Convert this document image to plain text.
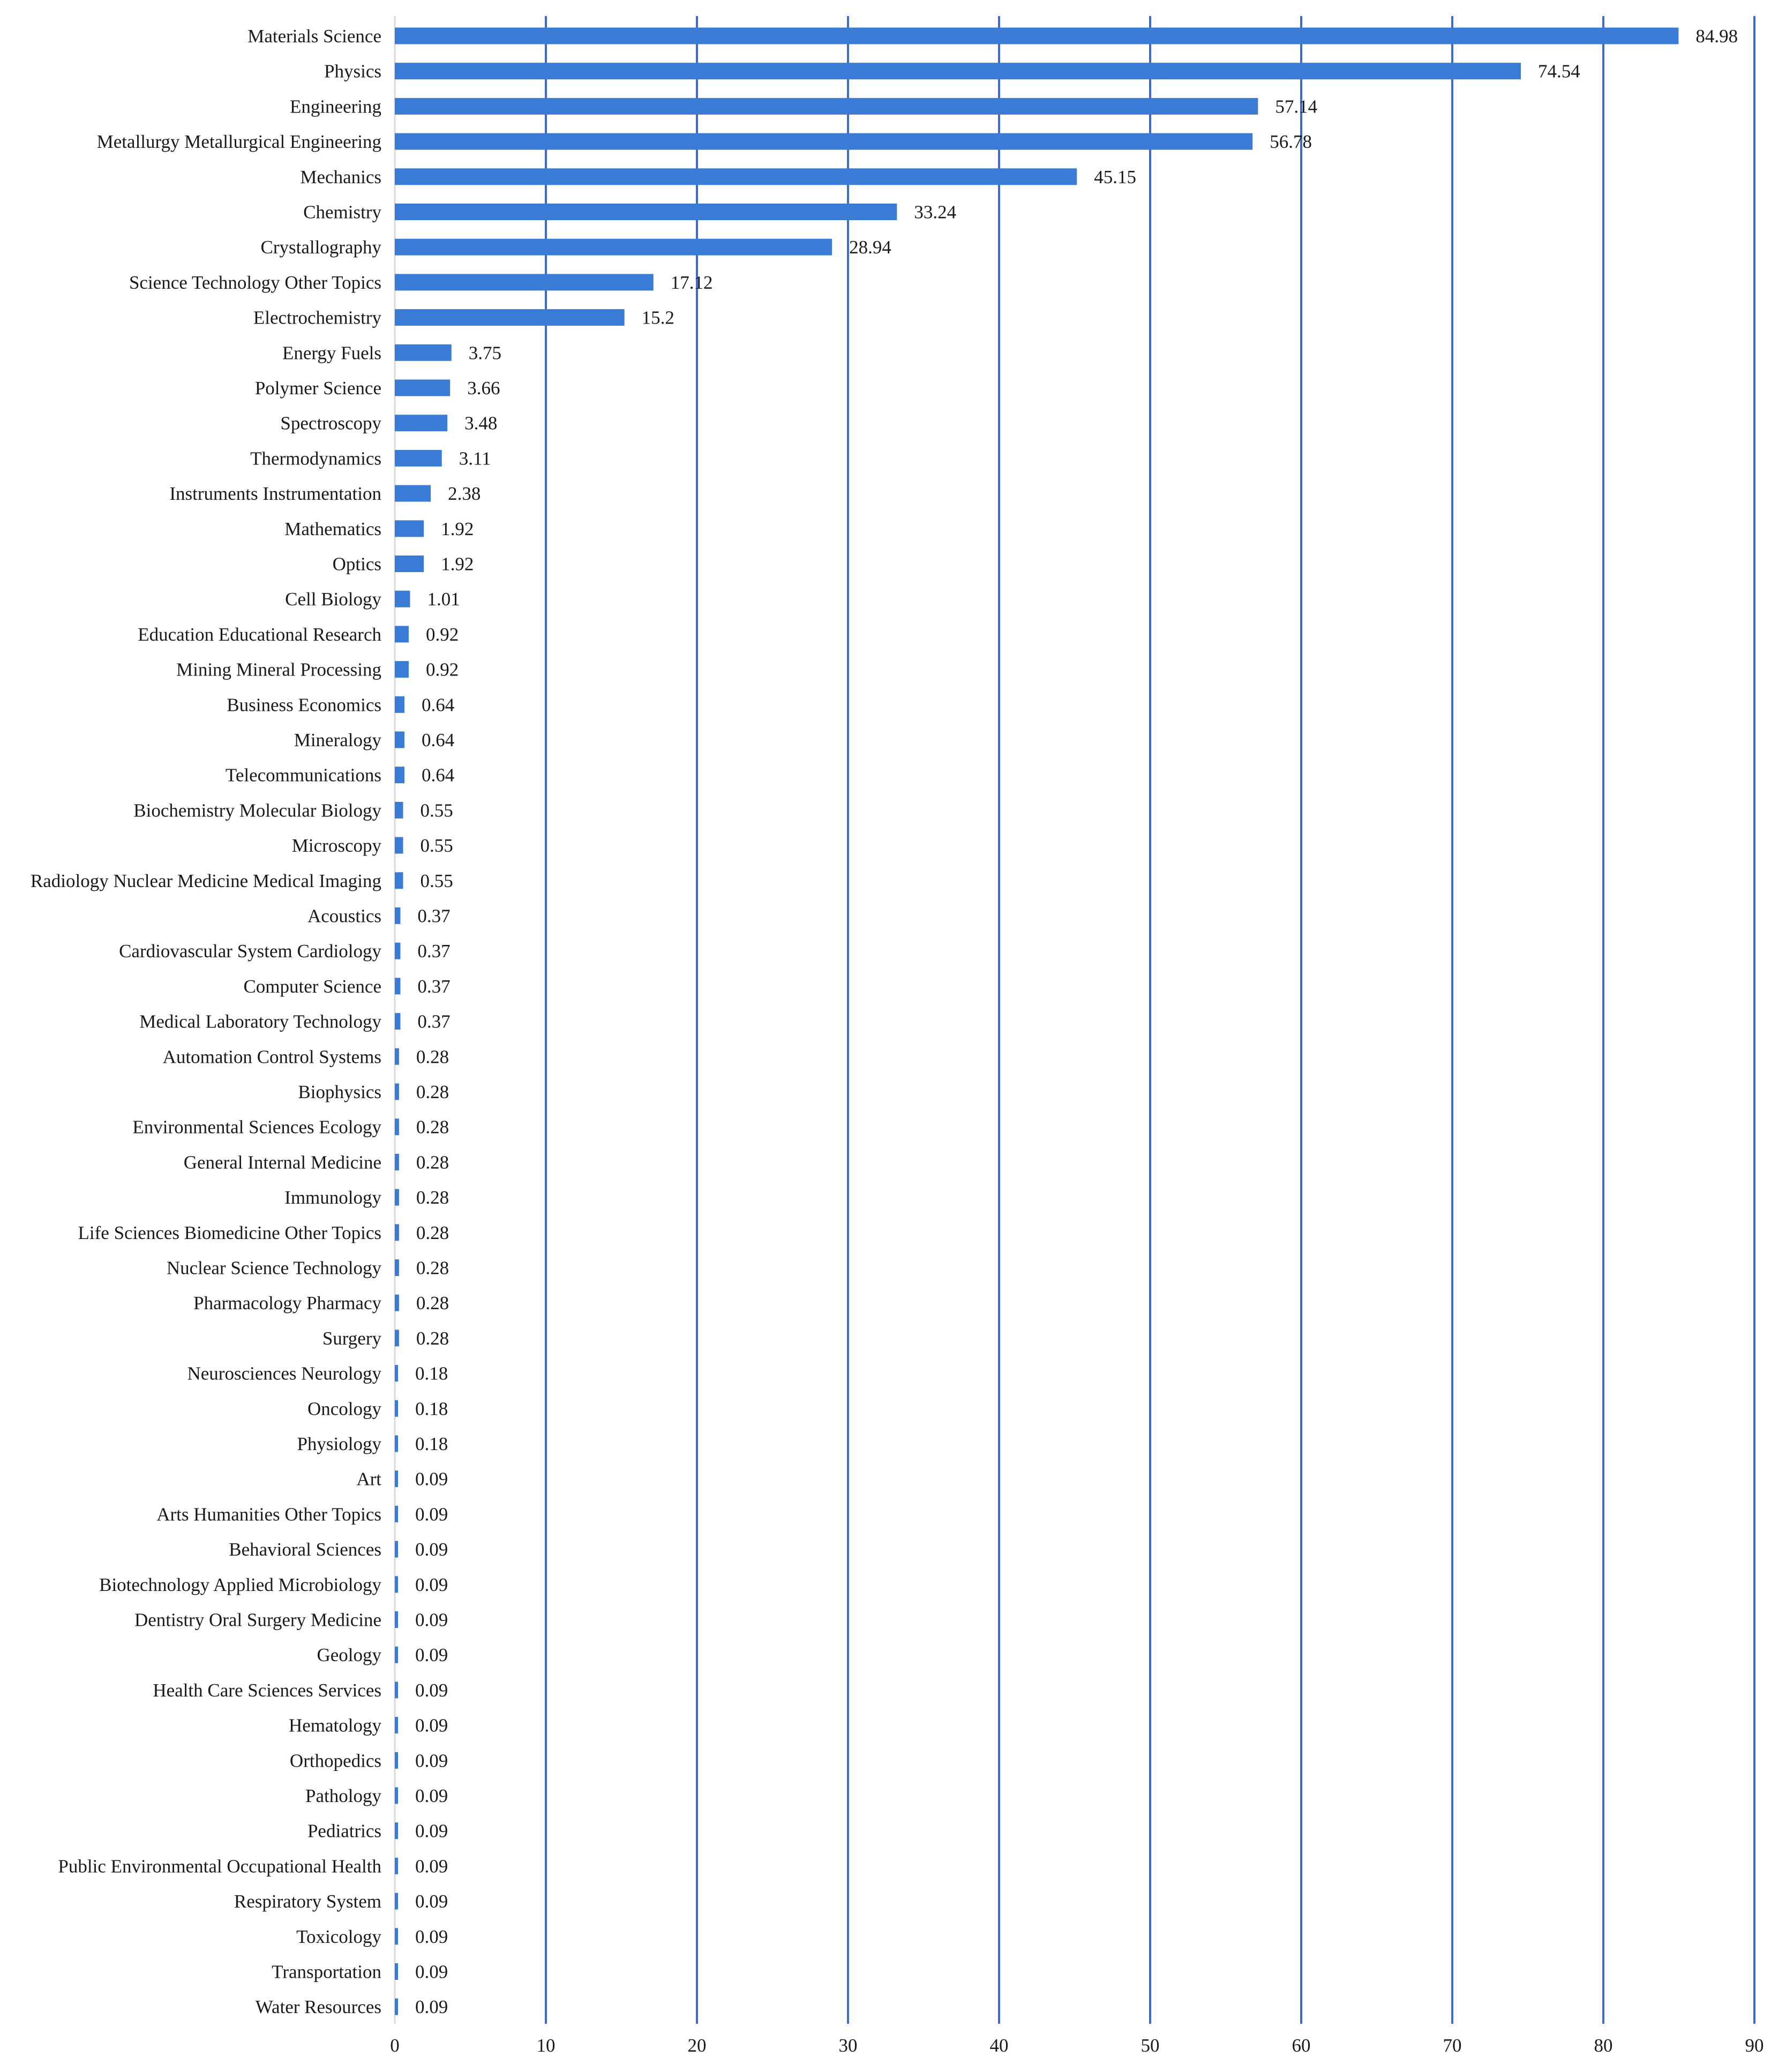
Materials Science
Physics
Engineering
Metallurgy Metallurgical Engineering
Mechanics
Chemistry
Crystallography
Science Technology Other Topics
Electrochemistry
Energy Fuels
Polymer Science
Spectroscopy
Thermodynamics
Instruments Instrumentation
Mathematics
Optics
Cell Biology
Education Educational Research
Mining Mineral Processing
Business Economics
Mineralogy
Telecommunications
Biochemistry Molecular Biology
Microscopy
Radiology Nuclear Medicine Medical Imaging
Acoustics
Cardiovascular System Cardiology
Computer Science
Medical Laboratory Technology
Automation Control Systems
Biophysics
Environmental Sciences Ecology
General Internal Medicine
Immunology
Life Sciences Biomedicine Other Topics
Nuclear Science Technology
Pharmacology Pharmacy
Surgery
Neurosciences Neurology
Oncology
Physiology
Art
Arts Humanities Other Topics
Behavioral Sciences
Biotechnology Applied Microbiology
Dentistry Oral Surgery Medicine
Geology
Health Care Sciences Services
Hematology
Orthopedics
Pathology
Pediatrics
Public Environmental Occupational Health
Respiratory System
Toxicology
Transportation
Water Resources
84.98
74.54
57.14
56.78
45.15
33.24
28.94
17.12
15.2
3.75
3.66
3.48
3.11
2.38
1.92
1.92
1.01
0.92
0.92
0.64
0.64
0.64
0.55
0.55
0.55
0.37
0.37
0.37
0.37
0.28
0.28
0.28
0.28
0.28
0.28
0.28
0.28
0.28
0.18
0.18
0.18
0.09
0.09
0.09
0.09
0.09
0.09
0.09
0.09
0.09
0.09
0.09
0.09
0.09
0.09
0.09
0.09
0	10	20	30	40	50	60	70	80	90
